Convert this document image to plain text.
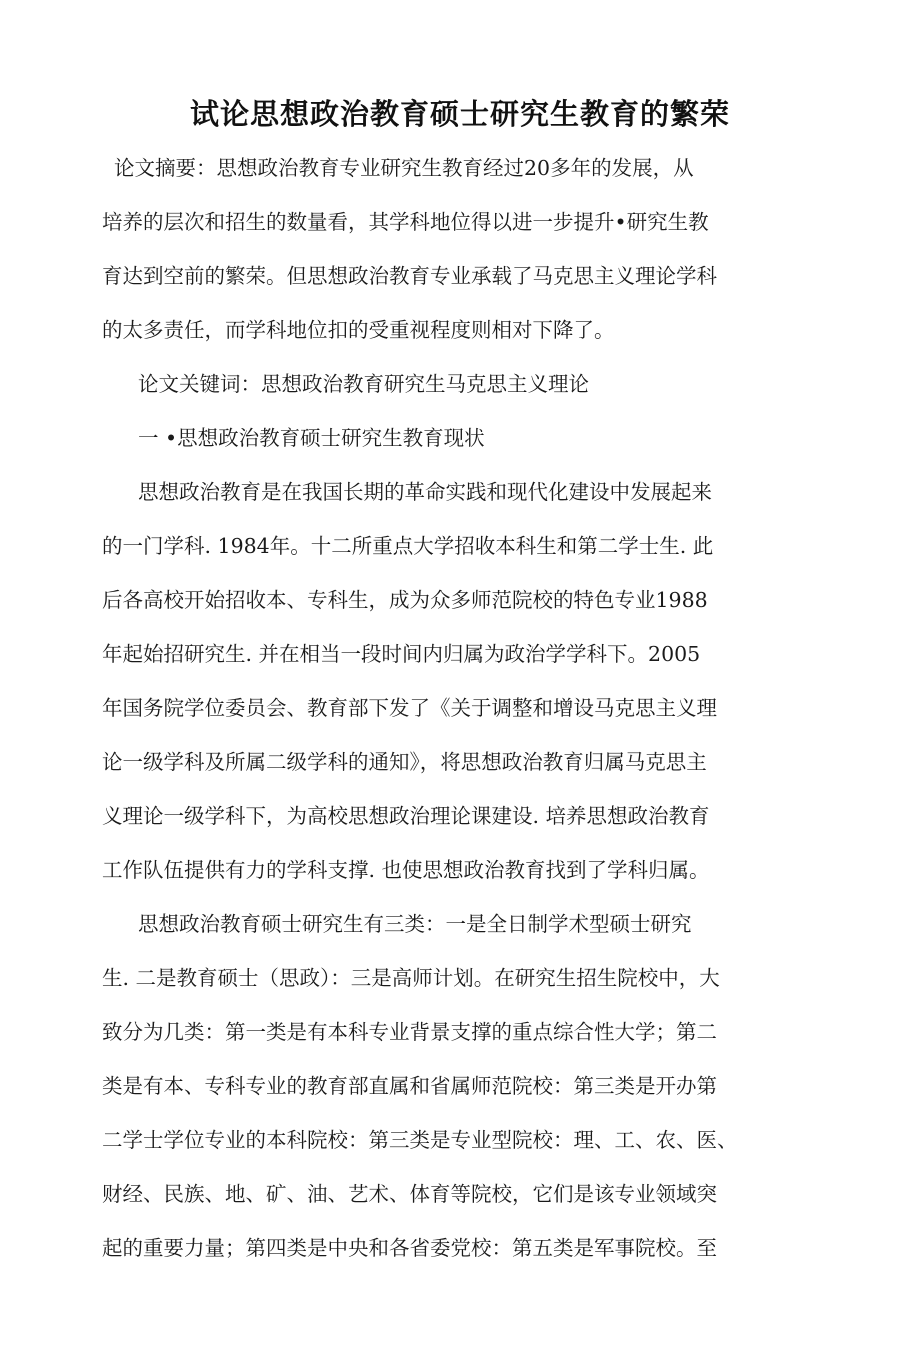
试论思想政治教育硕士研究生教育的繁荣
论文摘要：思想政治教育专业研究生教育经过20多年的发展，从
培养的层次和招生的数量看，其学科地位得以进一步提升•研究生教
育达到空前的繁荣。但思想政治教育专业承载了马克思主义理论学科
的太多责任，而学科地位扣的受重视程度则相对下降了。
论文关键词：思想政治教育研究生马克思主义理论
一 •思想政治教育硕士研究生教育现状
思想政治教育是在我国长期的革命实践和现代化建设中发展起来
的一门学科. 1984年。十二所重点大学招收本科生和第二学士生. 此
后各高校开始招收本、专科生，成为众多师范院校的特色专业1988
年起始招研究生. 并在相当一段时间内归属为政治学学科下。2005
年国务院学位委员会、教育部下发了《关于调整和增设马克思主义理
论一级学科及所属二级学科的通知》，将思想政治教育归属马克思主
义理论一级学科下，为高校思想政治理论课建设. 培养思想政治教育
工作队伍提供有力的学科支撑. 也使思想政治教育找到了学科归属。
思想政治教育硕士研究生有三类：一是全日制学术型硕士研究
生. 二是教育硕士（思政）：三是高师计划。在研究生招生院校中，大
致分为几类：第一类是有本科专业背景支撑的重点综合性大学；第二
类是有本、专科专业的教育部直属和省属师范院校：第三类是开办第
二学士学位专业的本科院校：第三类是专业型院校：理、工、农、医、
财经、民族、地、矿、油、艺术、体育等院校，它们是该专业领域突
起的重要力量；第四类是中央和各省委党校：第五类是军事院校。至
